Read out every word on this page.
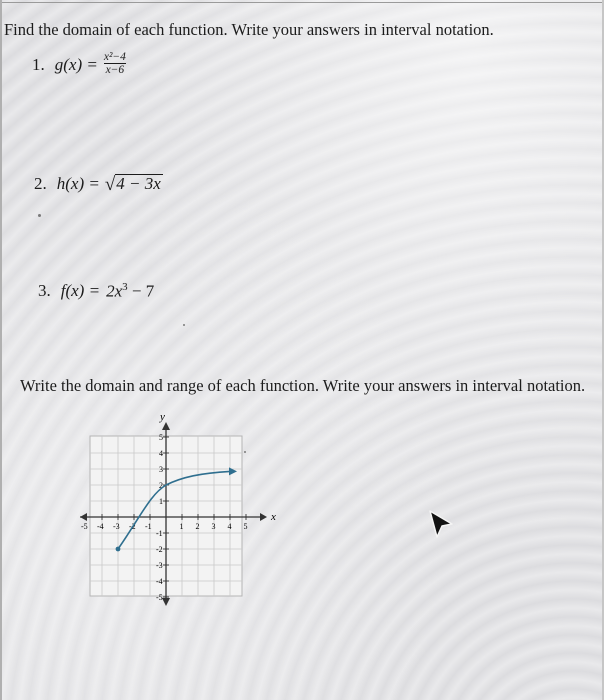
Find the domain of each function. Write your answers in interval notation.
1. $g(x) = \frac{\text{x²−4}}{x-6}$
2. h(x) = √ 4 − 3x
3. $f(x) = 2x^3 - 7$
Write the domain and range of each function. Write your answers in interval notation.
x
y
-5 -4 -3 -2 -1	1 2 3 4 5
5
4
3
2
1
-1
-2
-3
-4
-5
